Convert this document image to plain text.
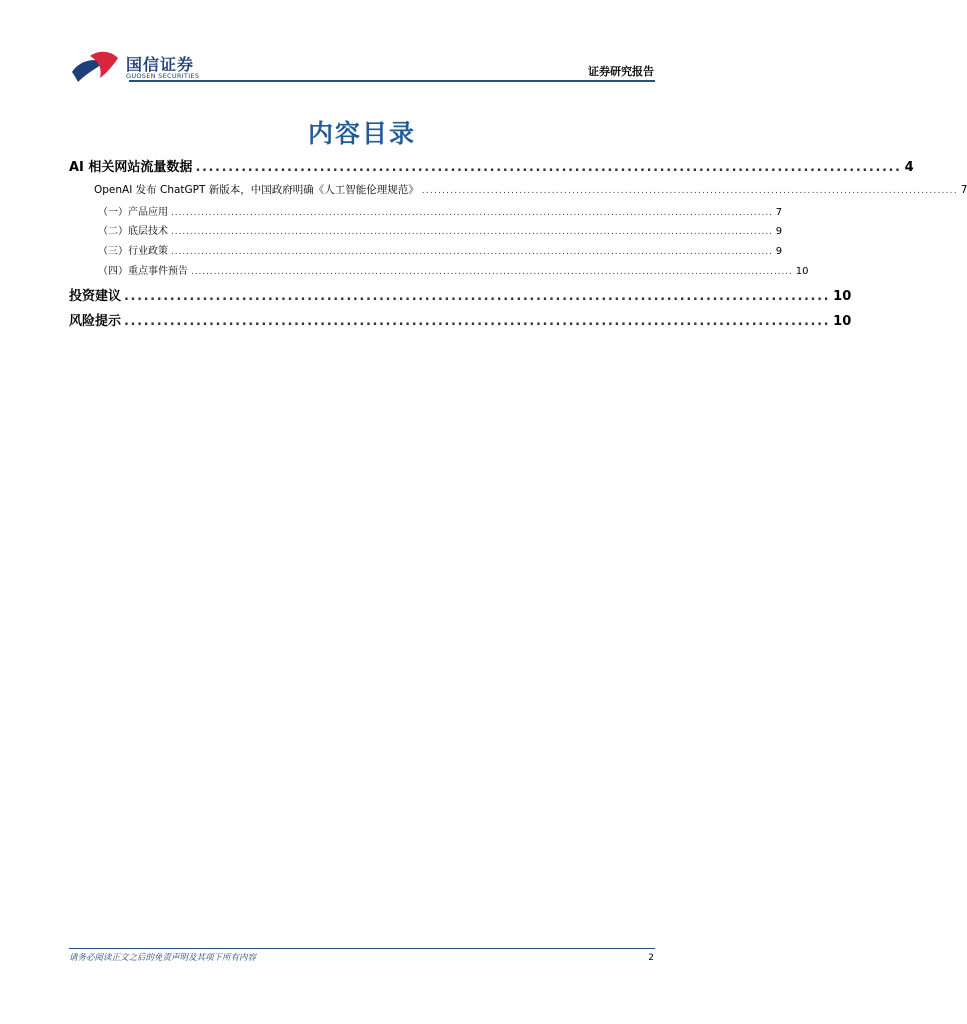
国信证券
GUOSEN SECURITIES	证券研究报告
内容目录
AI 相关网站流量数据 ............................................................................................................ 4
OpenAI 发布 ChatGPT 新版本，中国政府明确《人工智能伦理规范》 .................................................................................................................................... 7
（一）产品应用 ................................................................................................................................................................ 7
（二）底层技术 ................................................................................................................................................................ 9
（三）行业政策 ................................................................................................................................................................ 9
（四）重点事件预告 ................................................................................................................................................................ 10
投资建议 ............................................................................................................ 10
风险提示 ............................................................................................................ 10
请务必阅读正文之后的免责声明及其项下所有内容	2
